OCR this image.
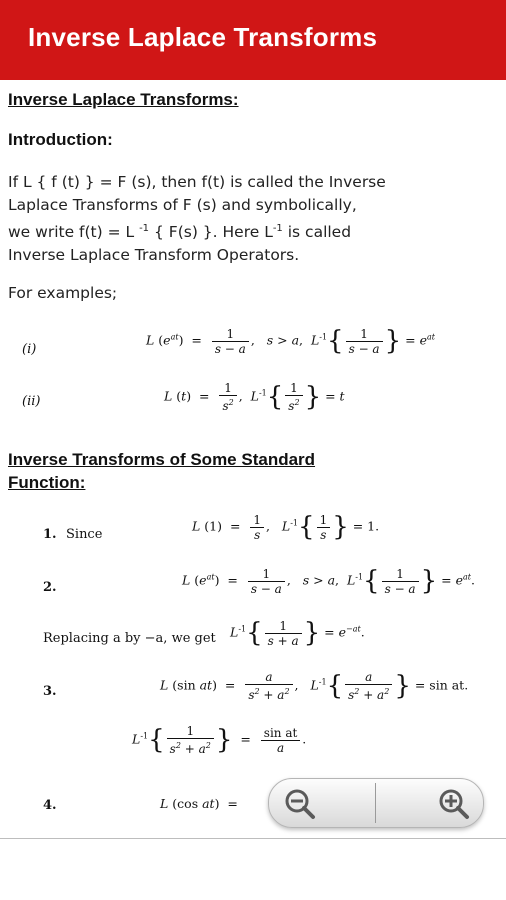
Inverse Laplace Transforms
Inverse Laplace Transforms:
Introduction:
If L { f (t) } = F (s), then f(t) is called the Inverse
Laplace Transforms of F (s) and symbolically,
we write f(t) = L $^{-1}$ { F(s) }. Here $L^{-1}$ is called
Inverse Laplace Transform Operators.
For examples;
(i)
L $(e^{at}) = \frac{1}{s - a}$ ,   s > a,  $L^{-1}\{ \frac{1}{s - a}$ } = $e^{at}$
(ii)	L $(t) = \frac{1}{s^2}$ ,  $L^{-1}\{ \frac{1}{s^2}$ } = t
Inverse Transforms of Some Standard
Function:
1. Since
L $(1) = \frac{1}{s}$ ,   $L^{-1}\{ \frac{1}{s}$ } = 1.
2.	L $(e^{at}) = \frac{1}{s - a}$ ,   s > a,  $L^{-1}\{ \frac{1}{s - a}$ } = $e^{at}$.
Replacing a by −a, we get $L^{-1}\{ \frac{1}{s + a}$ } = $e^{-at}$.
3.	L (sin $at) = \frac{a}{s^2 + a^2}$ ,   $L^{-1}\{ \frac{a}{s^2 + a^2}$ } = sin at.
$L^{-1}\{ \frac{1}{s^2 + a^2}$ }  = $\frac{\text{sin at}}{a}$ .
4.	L (cos at)  =
